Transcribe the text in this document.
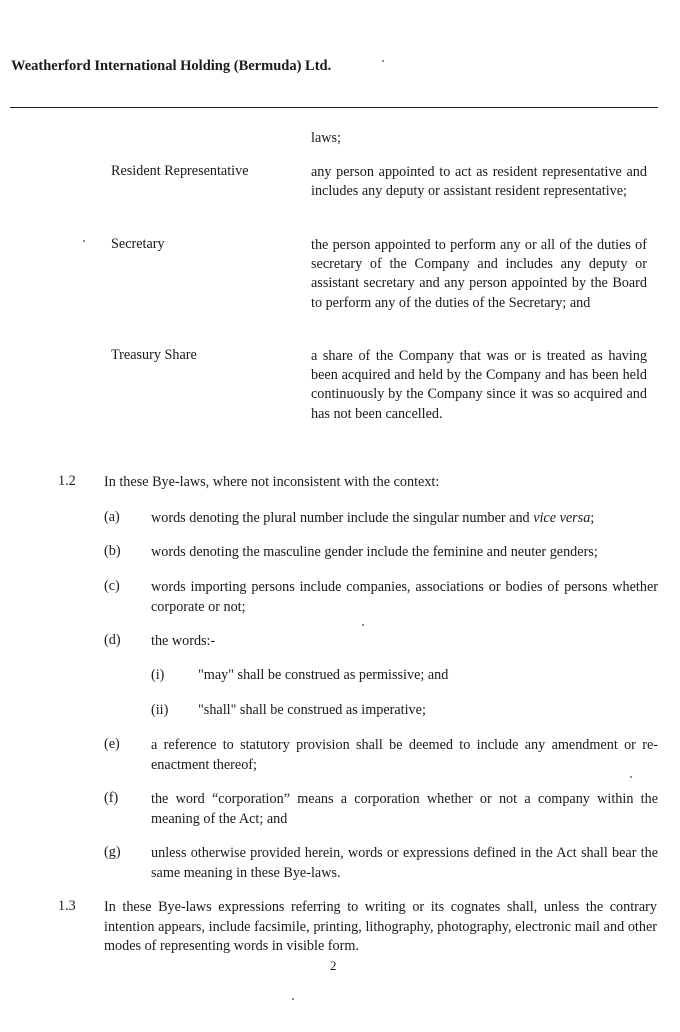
Weatherford International Holding (Bermuda) Ltd.
laws;
Resident Representative	any person appointed to act as resident representative and includes any deputy or assistant resident representative;
Secretary	the person appointed to perform any or all of the duties of secretary of the Company and includes any deputy or assistant secretary and any person appointed by the Board to perform any of the duties of the Secretary; and
Treasury Share	a share of the Company that was or is treated as having been acquired and held by the Company and has been held continuously by the Company since it was so acquired and has not been cancelled.
1.2 In these Bye-laws, where not inconsistent with the context:
(a) words denoting the plural number include the singular number and vice versa;
(b) words denoting the masculine gender include the feminine and neuter genders;
(c) words importing persons include companies, associations or bodies of persons whether corporate or not;
(d) the words:-
(i) "may" shall be construed as permissive; and
(ii) "shall" shall be construed as imperative;
(e) a reference to statutory provision shall be deemed to include any amendment or re-enactment thereof;
(f) the word “corporation” means a corporation whether or not a company within the meaning of the Act; and
(g) unless otherwise provided herein, words or expressions defined in the Act shall bear the same meaning in these Bye-laws.
1.3 In these Bye-laws expressions referring to writing or its cognates shall, unless the contrary intention appears, include facsimile, printing, lithography, photography, electronic mail and other modes of representing words in visible form.
2
